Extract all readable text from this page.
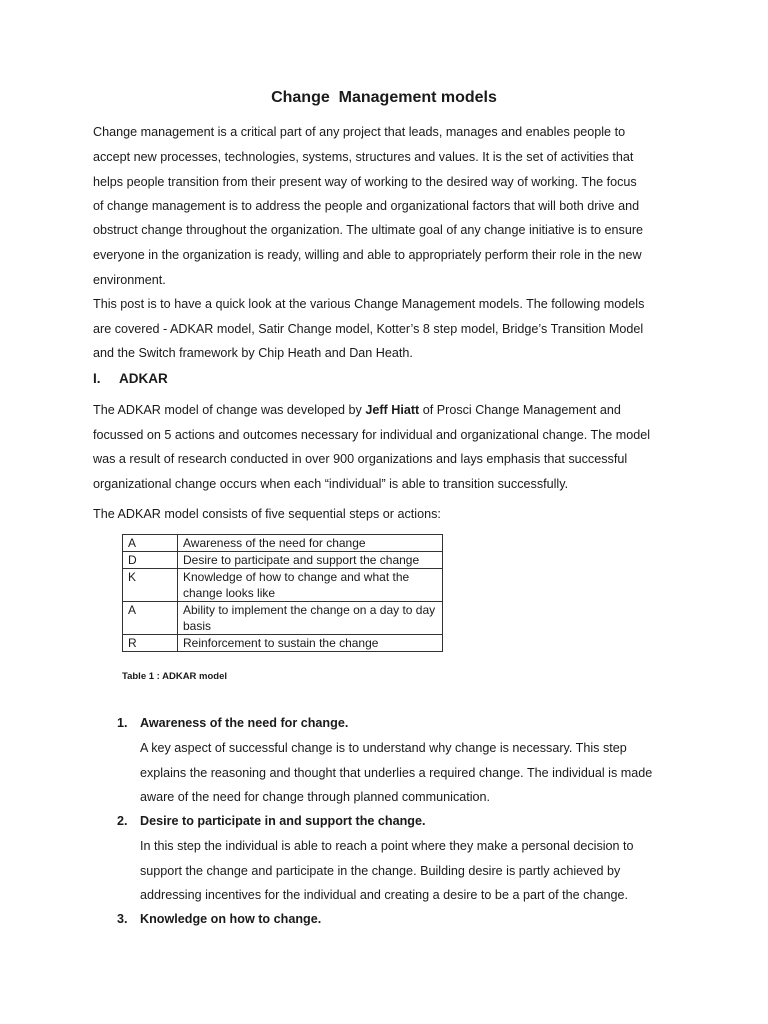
Change  Management models
Change management is a critical part of any project that leads, manages and enables people to
accept new processes, technologies, systems, structures and values. It is the set of activities that
helps people transition from their present way of working to the desired way of working. The focus
of change management is to address the people and organizational factors that will both drive and
obstruct change throughout the organization. The ultimate goal of any change initiative is to ensure
everyone in the organization is ready, willing and able to appropriately perform their role in the new
environment.
This post is to have a quick look at the various Change Management models. The following models
are covered - ADKAR model, Satir Change model, Kotter’s 8 step model, Bridge’s Transition Model
and the Switch framework by Chip Heath and Dan Heath.
I. ADKAR
The ADKAR model of change was developed by Jeff Hiatt of Prosci Change Management and
focussed on 5 actions and outcomes necessary for individual and organizational change. The model
was a result of research conducted in over 900 organizations and lays emphasis that successful
organizational change occurs when each “individual” is able to transition successfully.
The ADKAR model consists of five sequential steps or actions:
A	Awareness of the need for change
D	Desire to participate and support the change
K	Knowledge of how to change and what the change looks like
A	Ability to implement the change on a day to day basis
R	Reinforcement to sustain the change
Table 1 : ADKAR model
1. Awareness of the need for change.
A key aspect of successful change is to understand why change is necessary. This step
explains the reasoning and thought that underlies a required change. The individual is made
aware of the need for change through planned communication.
2. Desire to participate in and support the change.
In this step the individual is able to reach a point where they make a personal decision to
support the change and participate in the change. Building desire is partly achieved by
addressing incentives for the individual and creating a desire to be a part of the change.
3. Knowledge on how to change.
